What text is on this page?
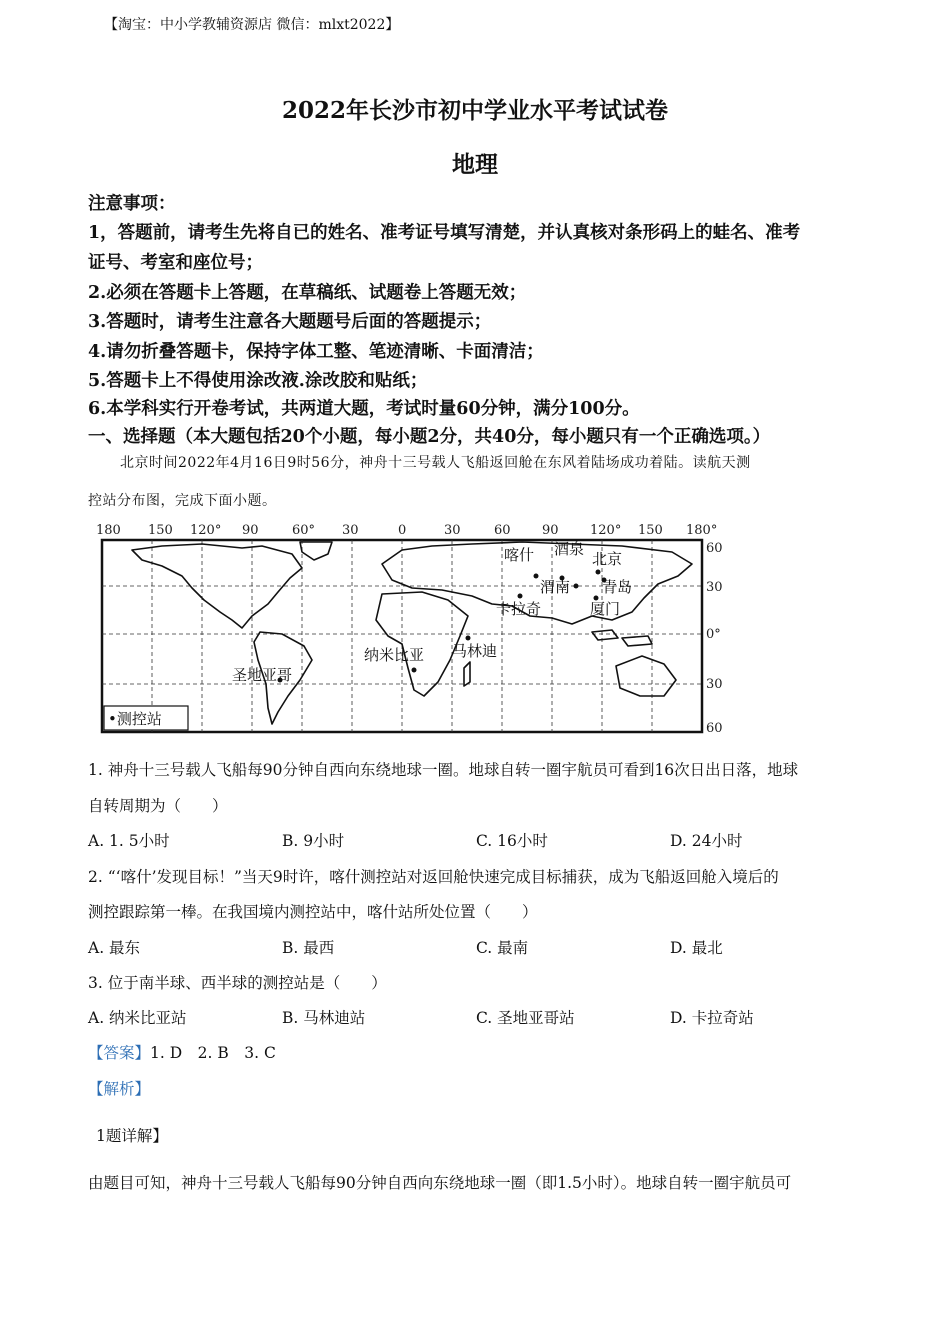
【淘宝：中小学教辅资源店 微信：mlxt2022】
2022年长沙市初中学业水平考试试卷
地理
注意事项：
1，答题前，请考生先将自已的姓名、准考证号填写清楚，并认真核对条形码上的蛙名、准考
证号、考室和座位号；
2.必须在答题卡上答题，在草稿纸、试题卷上答题无效；
3.答题时，请考生注意各大题题号后面的答题提示；
4.请勿折叠答题卡，保持字体工整、笔迹清晰、卡面清洁；
5.答题卡上不得使用涂改液.涂改胶和贴纸；
6.本学科实行开卷考试，共两道大题，考试时量60分钟，满分100分。
一、选择题（本大题包括20个小题，每小题2分，共40分，每小题只有一个正确选项。）
北京时间2022年4月16日9时56分，神舟十三号载人飞船返回舱在东风着陆场成功着陆。读航天测
控站分布图，完成下面小题。
180 150 120° 90	60° 30	0	30	60 90 120° 150 180°
60
30
0°
30
60
喀什 酒泉
北京
渭南 青岛
厦门
卡拉奇
纳米比亚 马林迪
圣地亚哥
•测控站
1. 神舟十三号载人飞船每90分钟自西向东绕地球一圈。地球自转一圈宇航员可看到16次日出日落，地球
自转周期为（　　）
A. 1. 5小时	B. 9小时	C. 16小时	D. 24小时
2. “‘喀什’发现目标！”当天9时许，喀什测控站对返回舱快速完成目标捕获，成为飞船返回舱入境后的
测控跟踪第一棒。在我国境内测控站中，喀什站所处位置（　　）
A. 最东	B. 最西	C. 最南	D. 最北
3. 位于南半球、西半球的测控站是（　　）
A. 纳米比亚站	B. 马林迪站	C. 圣地亚哥站	D. 卡拉奇站
【答案】1. D　2. B　3. C
【解析】
1题详解】
由题目可知，神舟十三号载人飞船每90分钟自西向东绕地球一圈（即1.5小时）。地球自转一圈宇航员可
